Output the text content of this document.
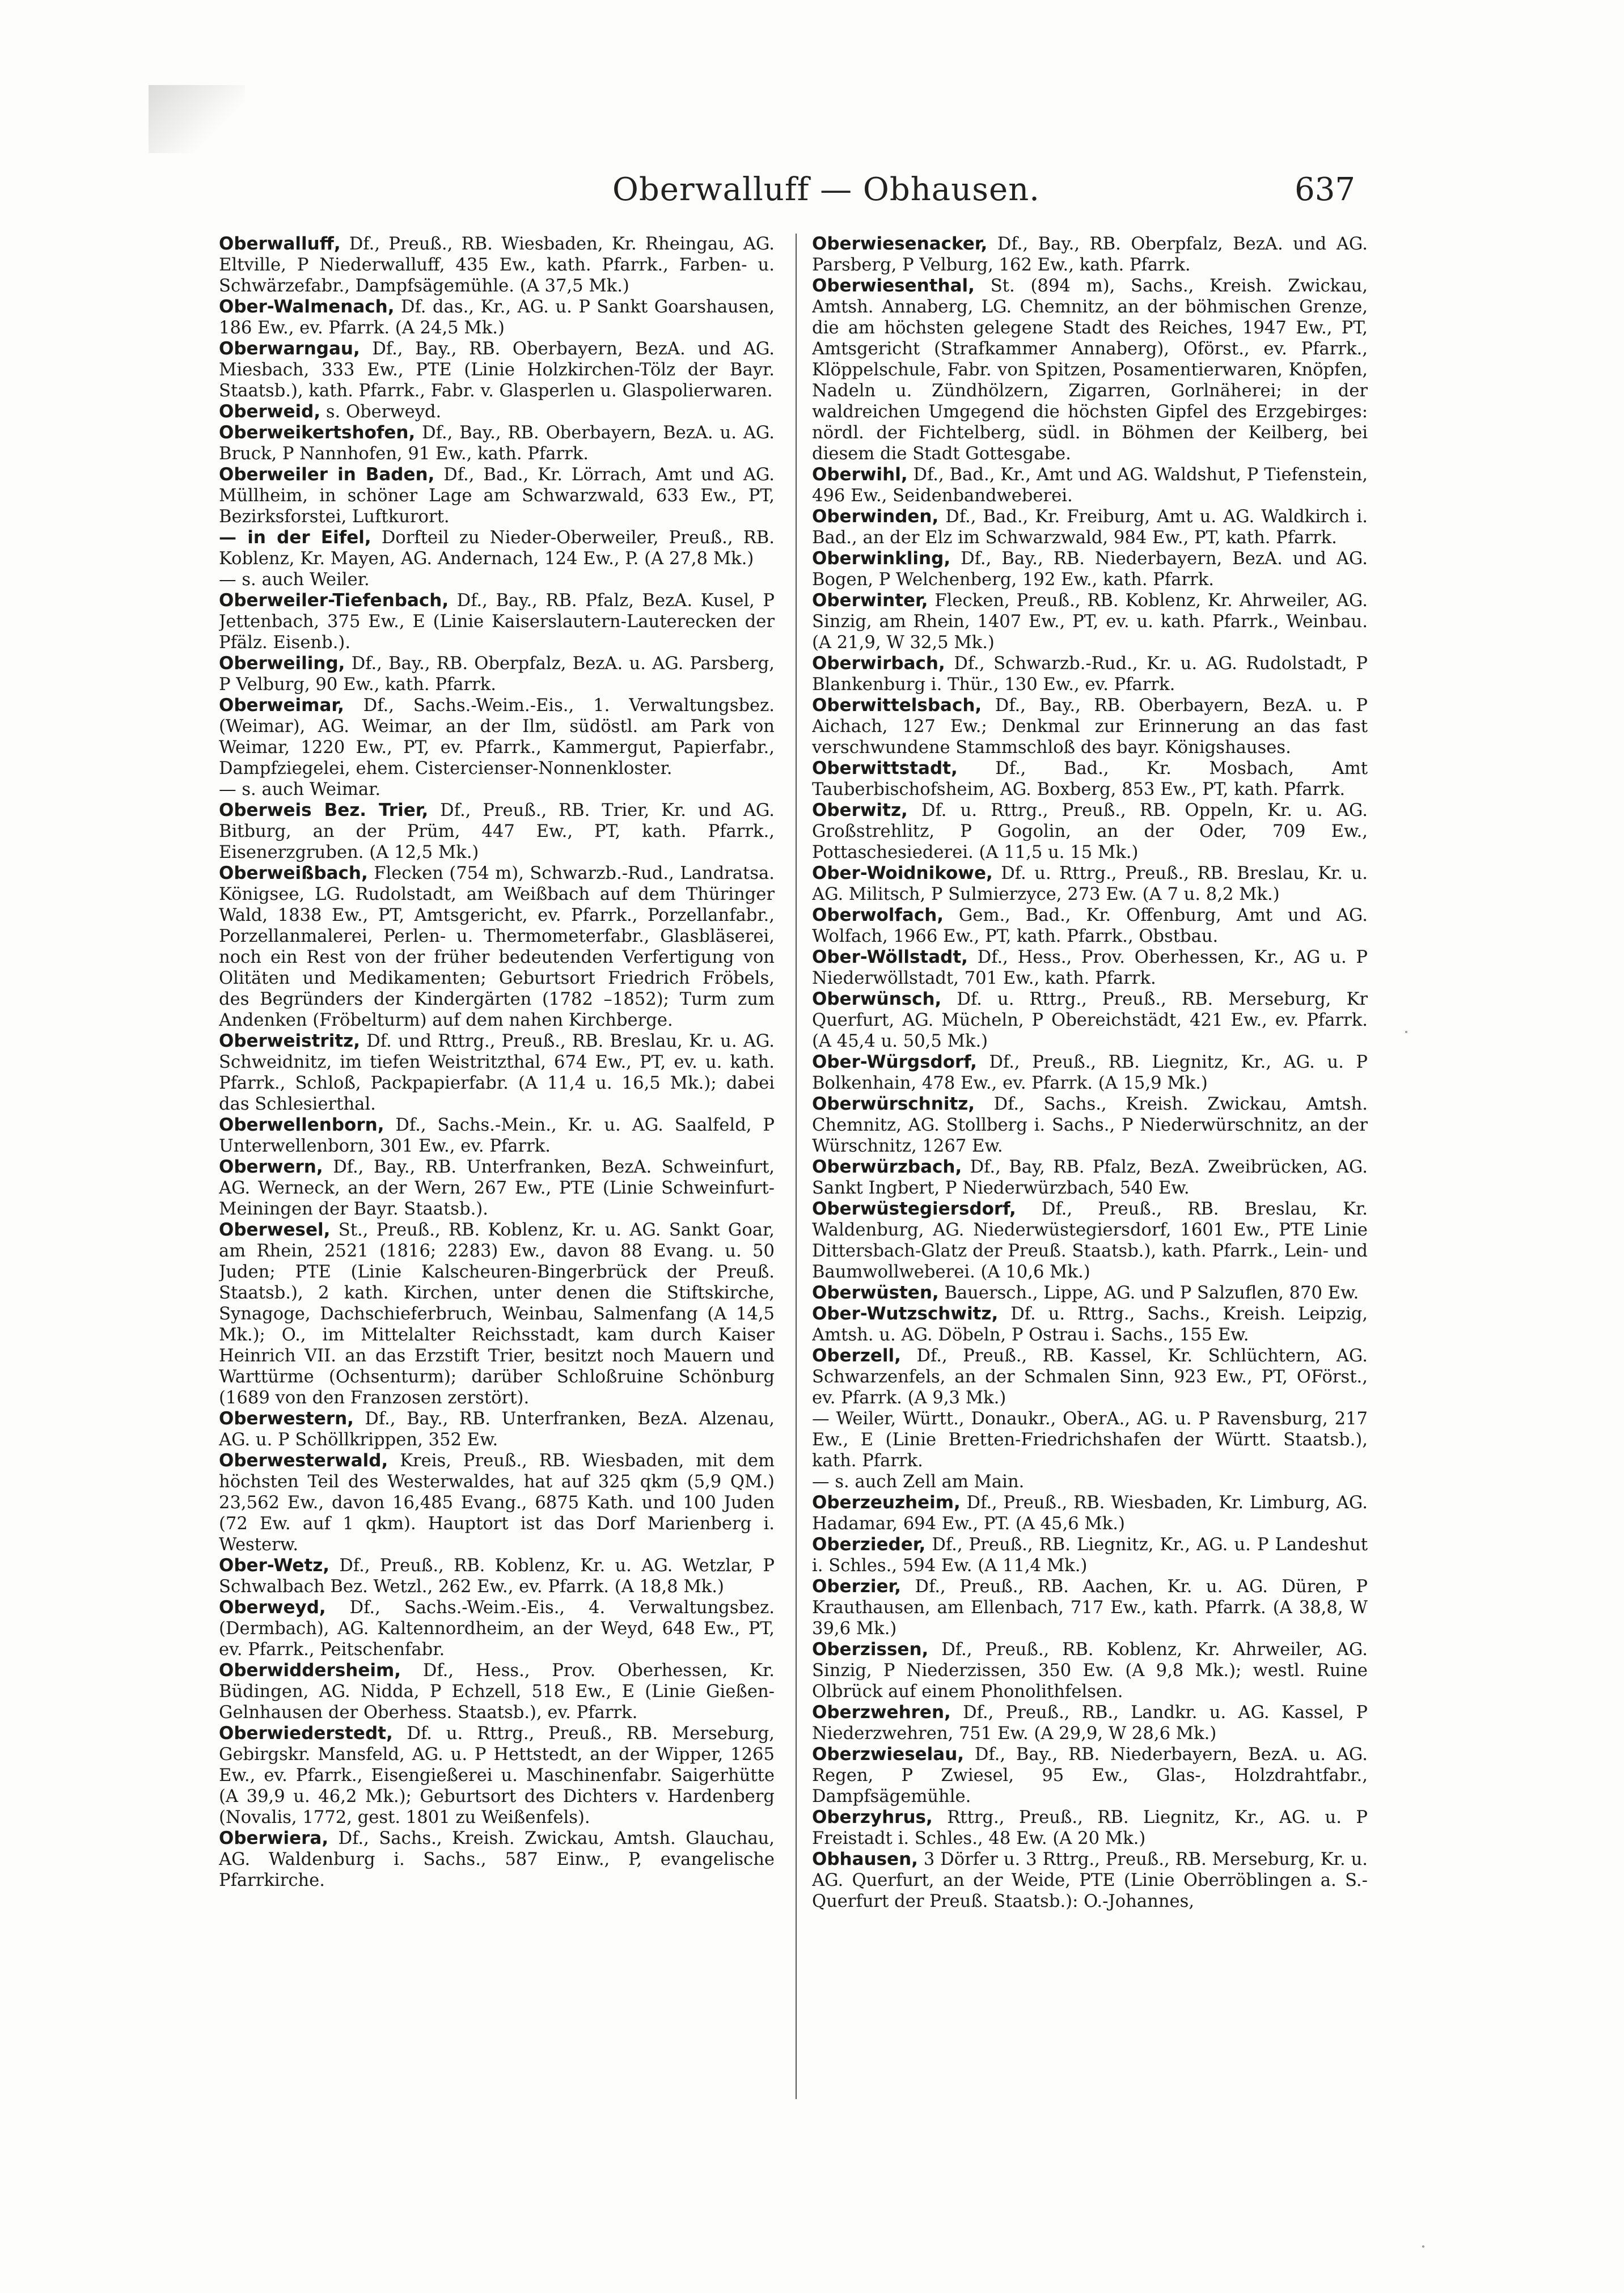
Oberwalluff — Obhausen.	637

Oberwalluff, Df., Preuß., RB. Wiesbaden, Kr. Rheingau, AG. Eltville, P Niederwalluff, 435 Ew., kath. Pfarrk., Farben- u. Schwärzefabr., Dampfsägemühle. (A 37,5 Mk.)

Ober-Walmenach, Df. das., Kr., AG. u. P Sankt Goarshausen, 186 Ew., ev. Pfarrk. (A 24,5 Mk.)

Oberwarngau, Df., Bay., RB. Oberbayern, BezA. und AG. Miesbach, 333 Ew., PTE (Linie Holzkirchen-Tölz der Bayr. Staatsb.), kath. Pfarrk., Fabr. v. Glasperlen u. Glaspolierwaren.

Oberweid, s. Oberweyd.

Oberweikertshofen, Df., Bay., RB. Oberbayern, BezA. u. AG. Bruck, P Nannhofen, 91 Ew., kath. Pfarrk.

Oberweiler in Baden, Df., Bad., Kr. Lörrach, Amt und AG. Müllheim, in schöner Lage am Schwarzwald, 633 Ew., PT, Bezirksforstei, Luftkurort.

— in der Eifel, Dorfteil zu Nieder-Oberweiler, Preuß., RB. Koblenz, Kr. Mayen, AG. Andernach, 124 Ew., P. (A 27,8 Mk.)

— s. auch Weiler.

Oberweiler-Tiefenbach, Df., Bay., RB. Pfalz, BezA. Kusel, P Jettenbach, 375 Ew., E (Linie Kaiserslautern-Lauterecken der Pfälz. Eisenb.).

Oberweiling, Df., Bay., RB. Oberpfalz, BezA. u. AG. Parsberg, P Velburg, 90 Ew., kath. Pfarrk.

Oberweimar, Df., Sachs.-Weim.-Eis., 1. Verwaltungsbez. (Weimar), AG. Weimar, an der Ilm, südöstl. am Park von Weimar, 1220 Ew., PT, ev. Pfarrk., Kammergut, Papierfabr., Dampfziegelei, ehem. Cistercienser-Nonnenkloster.

— s. auch Weimar.

Oberweis Bez. Trier, Df., Preuß., RB. Trier, Kr. und AG. Bitburg, an der Prüm, 447 Ew., PT, kath. Pfarrk., Eisenerzgruben. (A 12,5 Mk.)

Oberweißbach, Flecken (754 m), Schwarzb.-Rud., Landratsa. Königsee, LG. Rudolstadt, am Weißbach auf dem Thüringer Wald, 1838 Ew., PT, Amtsgericht, ev. Pfarrk., Porzellanfabr., Porzellanmalerei, Perlen- u. Thermometerfabr., Glasbläserei, noch ein Rest von der früher bedeutenden Verfertigung von Olitäten und Medikamenten; Geburtsort Friedrich Fröbels, des Begründers der Kindergärten (1782 –1852); Turm zum Andenken (Fröbelturm) auf dem nahen Kirchberge.

Oberweistritz, Df. und Rttrg., Preuß., RB. Breslau, Kr. u. AG. Schweidnitz, im tiefen Weistritzthal, 674 Ew., PT, ev. u. kath. Pfarrk., Schloß, Packpapierfabr. (A 11,4 u. 16,5 Mk.); dabei das Schlesierthal.

Oberwellenborn, Df., Sachs.-Mein., Kr. u. AG. Saalfeld, P Unterwellenborn, 301 Ew., ev. Pfarrk.

Oberwern, Df., Bay., RB. Unterfranken, BezA. Schweinfurt, AG. Werneck, an der Wern, 267 Ew., PTE (Linie Schweinfurt-Meiningen der Bayr. Staatsb.).

Oberwesel, St., Preuß., RB. Koblenz, Kr. u. AG. Sankt Goar, am Rhein, 2521 (1816; 2283) Ew., davon 88 Evang. u. 50 Juden; PTE (Linie Kalscheuren-Bingerbrück der Preuß. Staatsb.), 2 kath. Kirchen, unter denen die Stiftskirche, Synagoge, Dachschieferbruch, Weinbau, Salmenfang (A 14,5 Mk.); O., im Mittelalter Reichsstadt, kam durch Kaiser Heinrich VII. an das Erzstift Trier, besitzt noch Mauern und Warttürme (Ochsenturm); darüber Schloßruine Schönburg (1689 von den Franzosen zerstört).

Oberwestern, Df., Bay., RB. Unterfranken, BezA. Alzenau, AG. u. P Schöllkrippen, 352 Ew.

Oberwesterwald, Kreis, Preuß., RB. Wiesbaden, mit dem höchsten Teil des Westerwaldes, hat auf 325 qkm (5,9 QM.) 23,562 Ew., davon 16,485 Evang., 6875 Kath. und 100 Juden (72 Ew. auf 1 qkm). Hauptort ist das Dorf Marienberg i. Westerw.

Ober-Wetz, Df., Preuß., RB. Koblenz, Kr. u. AG. Wetzlar, P Schwalbach Bez. Wetzl., 262 Ew., ev. Pfarrk. (A 18,8 Mk.)

Oberweyd, Df., Sachs.-Weim.-Eis., 4. Verwaltungsbez. (Dermbach), AG. Kaltennordheim, an der Weyd, 648 Ew., PT, ev. Pfarrk., Peitschenfabr.

Oberwiddersheim, Df., Hess., Prov. Oberhessen, Kr. Büdingen, AG. Nidda, P Echzell, 518 Ew., E (Linie Gießen-Gelnhausen der Oberhess. Staatsb.), ev. Pfarrk.

Oberwiederstedt, Df. u. Rttrg., Preuß., RB. Merseburg, Gebirgskr. Mansfeld, AG. u. P Hettstedt, an der Wipper, 1265 Ew., ev. Pfarrk., Eisengießerei u. Maschinenfabr. Saigerhütte (A 39,9 u. 46,2 Mk.); Geburtsort des Dichters v. Hardenberg (Novalis, 1772, gest. 1801 zu Weißenfels).

Oberwiera, Df., Sachs., Kreish. Zwickau, Amtsh. Glauchau, AG. Waldenburg i. Sachs., 587 Einw., P, evangelische Pfarrkirche.

Oberwiesenacker, Df., Bay., RB. Oberpfalz, BezA. und AG. Parsberg, P Velburg, 162 Ew., kath. Pfarrk.

Oberwiesenthal, St. (894 m), Sachs., Kreish. Zwickau, Amtsh. Annaberg, LG. Chemnitz, an der böhmischen Grenze, die am höchsten gelegene Stadt des Reiches, 1947 Ew., PT, Amtsgericht (Strafkammer Annaberg), Oförst., ev. Pfarrk., Klöppelschule, Fabr. von Spitzen, Posamentierwaren, Knöpfen, Nadeln u. Zündhölzern, Zigarren, Gorlnäherei; in der waldreichen Umgegend die höchsten Gipfel des Erzgebirges: nördl. der Fichtelberg, südl. in Böhmen der Keilberg, bei diesem die Stadt Gottesgabe.

Oberwihl, Df., Bad., Kr., Amt und AG. Waldshut, P Tiefenstein, 496 Ew., Seidenbandweberei.

Oberwinden, Df., Bad., Kr. Freiburg, Amt u. AG. Waldkirch i. Bad., an der Elz im Schwarzwald, 984 Ew., PT, kath. Pfarrk.

Oberwinkling, Df., Bay., RB. Niederbayern, BezA. und AG. Bogen, P Welchenberg, 192 Ew., kath. Pfarrk.

Oberwinter, Flecken, Preuß., RB. Koblenz, Kr. Ahrweiler, AG. Sinzig, am Rhein, 1407 Ew., PT, ev. u. kath. Pfarrk., Weinbau. (A 21,9, W 32,5 Mk.)

Oberwirbach, Df., Schwarzb.-Rud., Kr. u. AG. Rudolstadt, P Blankenburg i. Thür., 130 Ew., ev. Pfarrk.

Oberwittelsbach, Df., Bay., RB. Oberbayern, BezA. u. P Aichach, 127 Ew.; Denkmal zur Erinnerung an das fast verschwundene Stammschloß des bayr. Königshauses.

Oberwittstadt, Df., Bad., Kr. Mosbach, Amt Tauberbischofsheim, AG. Boxberg, 853 Ew., PT, kath. Pfarrk.

Oberwitz, Df. u. Rttrg., Preuß., RB. Oppeln, Kr. u. AG. Großstrehlitz, P Gogolin, an der Oder, 709 Ew., Pottaschesiederei. (A 11,5 u. 15 Mk.)

Ober-Woidnikowe, Df. u. Rttrg., Preuß., RB. Breslau, Kr. u. AG. Militsch, P Sulmierzyce, 273 Ew. (A 7 u. 8,2 Mk.)

Oberwolfach, Gem., Bad., Kr. Offenburg, Amt und AG. Wolfach, 1966 Ew., PT, kath. Pfarrk., Obstbau.

Ober-Wöllstadt, Df., Hess., Prov. Oberhessen, Kr., AG u. P Niederwöllstadt, 701 Ew., kath. Pfarrk.

Oberwünsch, Df. u. Rttrg., Preuß., RB. Merseburg, Kr Querfurt, AG. Mücheln, P Obereichstädt, 421 Ew., ev. Pfarrk. (A 45,4 u. 50,5 Mk.)

Ober-Würgsdorf, Df., Preuß., RB. Liegnitz, Kr., AG. u. P Bolkenhain, 478 Ew., ev. Pfarrk. (A 15,9 Mk.)

Oberwürschnitz, Df., Sachs., Kreish. Zwickau, Amtsh. Chemnitz, AG. Stollberg i. Sachs., P Niederwürschnitz, an der Würschnitz, 1267 Ew.

Oberwürzbach, Df., Bay, RB. Pfalz, BezA. Zweibrücken, AG. Sankt Ingbert, P Niederwürzbach, 540 Ew.

Oberwüstegiersdorf, Df., Preuß., RB. Breslau, Kr. Waldenburg, AG. Niederwüstegiersdorf, 1601 Ew., PTE Linie Dittersbach-Glatz der Preuß. Staatsb.), kath. Pfarrk., Lein- und Baumwollweberei. (A 10,6 Mk.)

Oberwüsten, Bauersch., Lippe, AG. und P Salzuflen, 870 Ew.

Ober-Wutzschwitz, Df. u. Rttrg., Sachs., Kreish. Leipzig, Amtsh. u. AG. Döbeln, P Ostrau i. Sachs., 155 Ew.

Oberzell, Df., Preuß., RB. Kassel, Kr. Schlüchtern, AG. Schwarzenfels, an der Schmalen Sinn, 923 Ew., PT, OFörst., ev. Pfarrk. (A 9,3 Mk.)

— Weiler, Württ., Donaukr., OberA., AG. u. P Ravensburg, 217 Ew., E (Linie Bretten-Friedrichshafen der Württ. Staatsb.), kath. Pfarrk.

— s. auch Zell am Main.

Oberzeuzheim, Df., Preuß., RB. Wiesbaden, Kr. Limburg, AG. Hadamar, 694 Ew., PT. (A 45,6 Mk.)

Oberzieder, Df., Preuß., RB. Liegnitz, Kr., AG. u. P Landeshut i. Schles., 594 Ew. (A 11,4 Mk.)

Oberzier, Df., Preuß., RB. Aachen, Kr. u. AG. Düren, P Krauthausen, am Ellenbach, 717 Ew., kath. Pfarrk. (A 38,8, W 39,6 Mk.)

Oberzissen, Df., Preuß., RB. Koblenz, Kr. Ahrweiler, AG. Sinzig, P Niederzissen, 350 Ew. (A 9,8 Mk.); westl. Ruine Olbrück auf einem Phonolithfelsen.

Oberzwehren, Df., Preuß., RB., Landkr. u. AG. Kassel, P Niederzwehren, 751 Ew. (A 29,9, W 28,6 Mk.)

Oberzwieselau, Df., Bay., RB. Niederbayern, BezA. u. AG. Regen, P Zwiesel, 95 Ew., Glas-, Holzdrahtfabr., Dampfsägemühle.

Oberzyhrus, Rttrg., Preuß., RB. Liegnitz, Kr., AG. u. P Freistadt i. Schles., 48 Ew. (A 20 Mk.)

Obhausen, 3 Dörfer u. 3 Rttrg., Preuß., RB. Merseburg, Kr. u. AG. Querfurt, an der Weide, PTE (Linie Oberröblingen a. S.-Querfurt der Preuß. Staatsb.): O.-Johannes,
